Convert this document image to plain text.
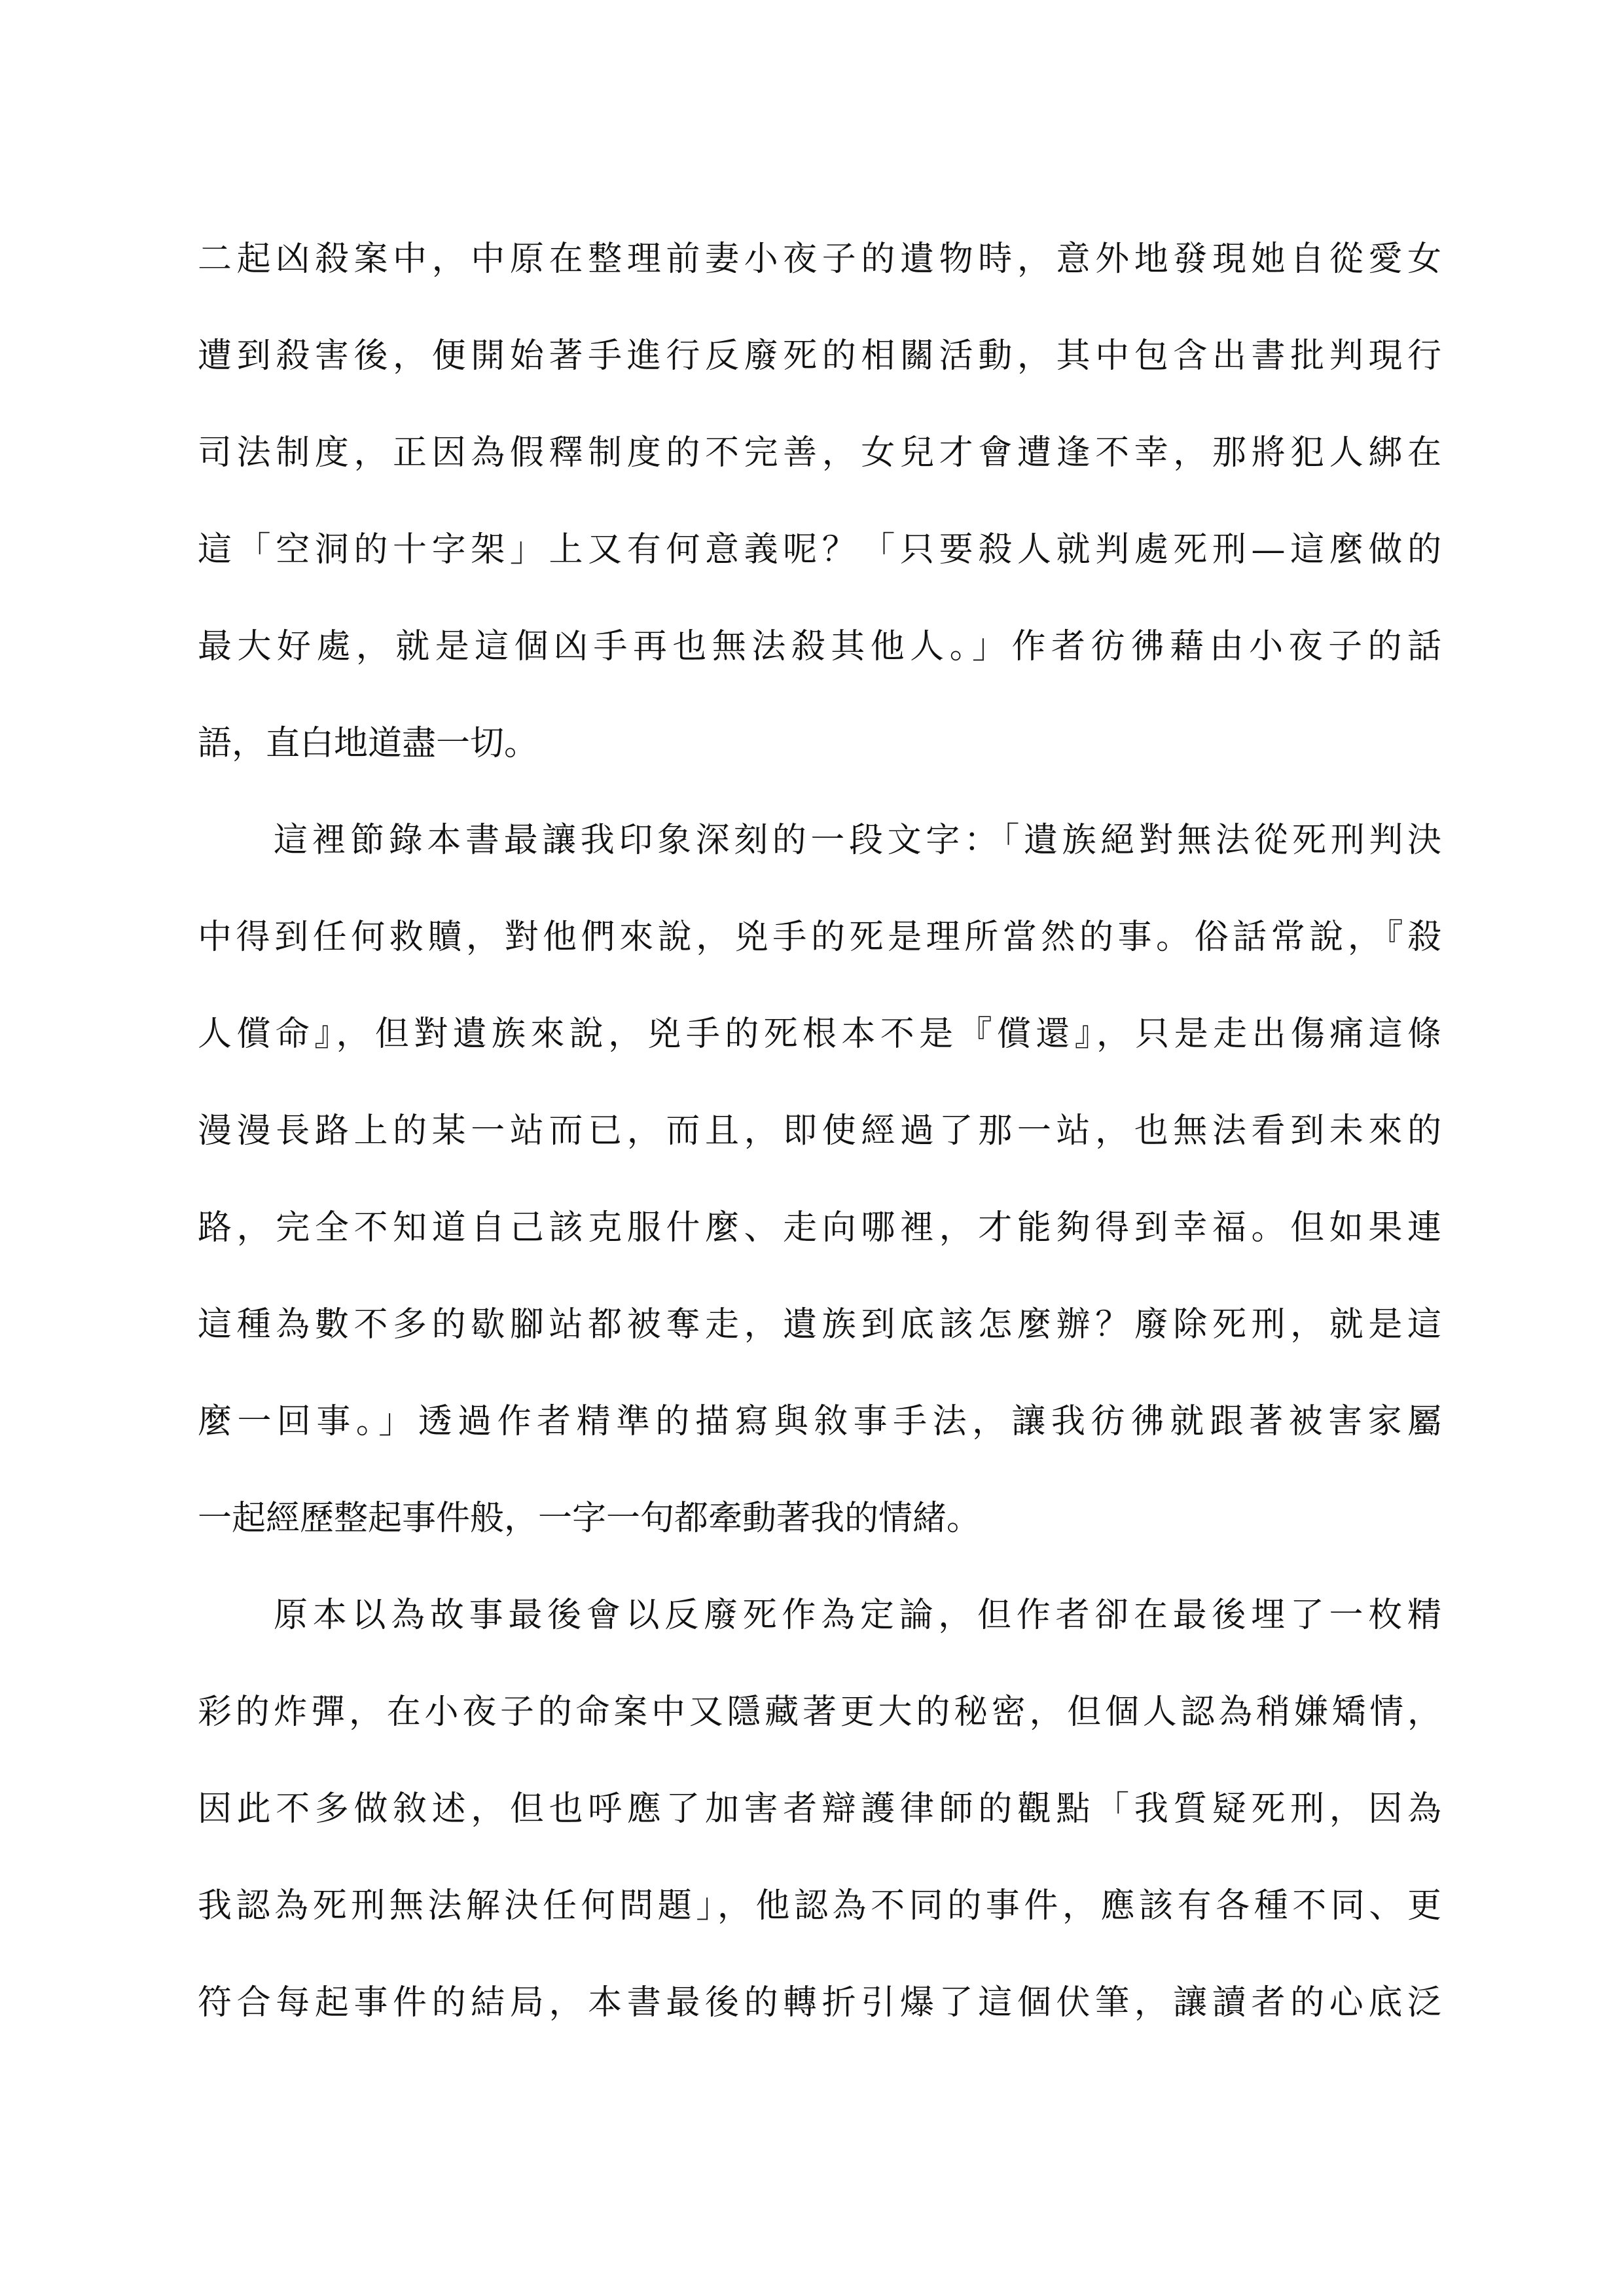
二起凶殺案中，中原在整理前妻小夜子的遺物時，意外地發現她自從愛女
遭到殺害後，便開始著手進行反廢死的相關活動，其中包含出書批判現行
司法制度，正因為假釋制度的不完善，女兒才會遭逢不幸，那將犯人綁在
這「空洞的十字架」上又有何意義呢？「只要殺人就判處死刑—這麼做的
最大好處，就是這個凶手再也無法殺其他人。」作者彷彿藉由小夜子的話
語，直白地道盡一切。
這裡節錄本書最讓我印象深刻的一段文字：「遺族絕對無法從死刑判決
中得到任何救贖，對他們來說，兇手的死是理所當然的事。俗話常說，『殺
人償命』，但對遺族來說，兇手的死根本不是『償還』，只是走出傷痛這條
漫漫長路上的某一站而已，而且，即使經過了那一站，也無法看到未來的
路，完全不知道自己該克服什麼、走向哪裡，才能夠得到幸福。但如果連
這種為數不多的歇腳站都被奪走，遺族到底該怎麼辦？廢除死刑，就是這
麼一回事。」透過作者精準的描寫與敘事手法，讓我彷彿就跟著被害家屬
一起經歷整起事件般，一字一句都牽動著我的情緒。
原本以為故事最後會以反廢死作為定論，但作者卻在最後埋了一枚精
彩的炸彈，在小夜子的命案中又隱藏著更大的秘密，但個人認為稍嫌矯情，
因此不多做敘述，但也呼應了加害者辯護律師的觀點「我質疑死刑，因為
我認為死刑無法解決任何問題」，他認為不同的事件，應該有各種不同、更
符合每起事件的結局，本書最後的轉折引爆了這個伏筆，讓讀者的心底泛
